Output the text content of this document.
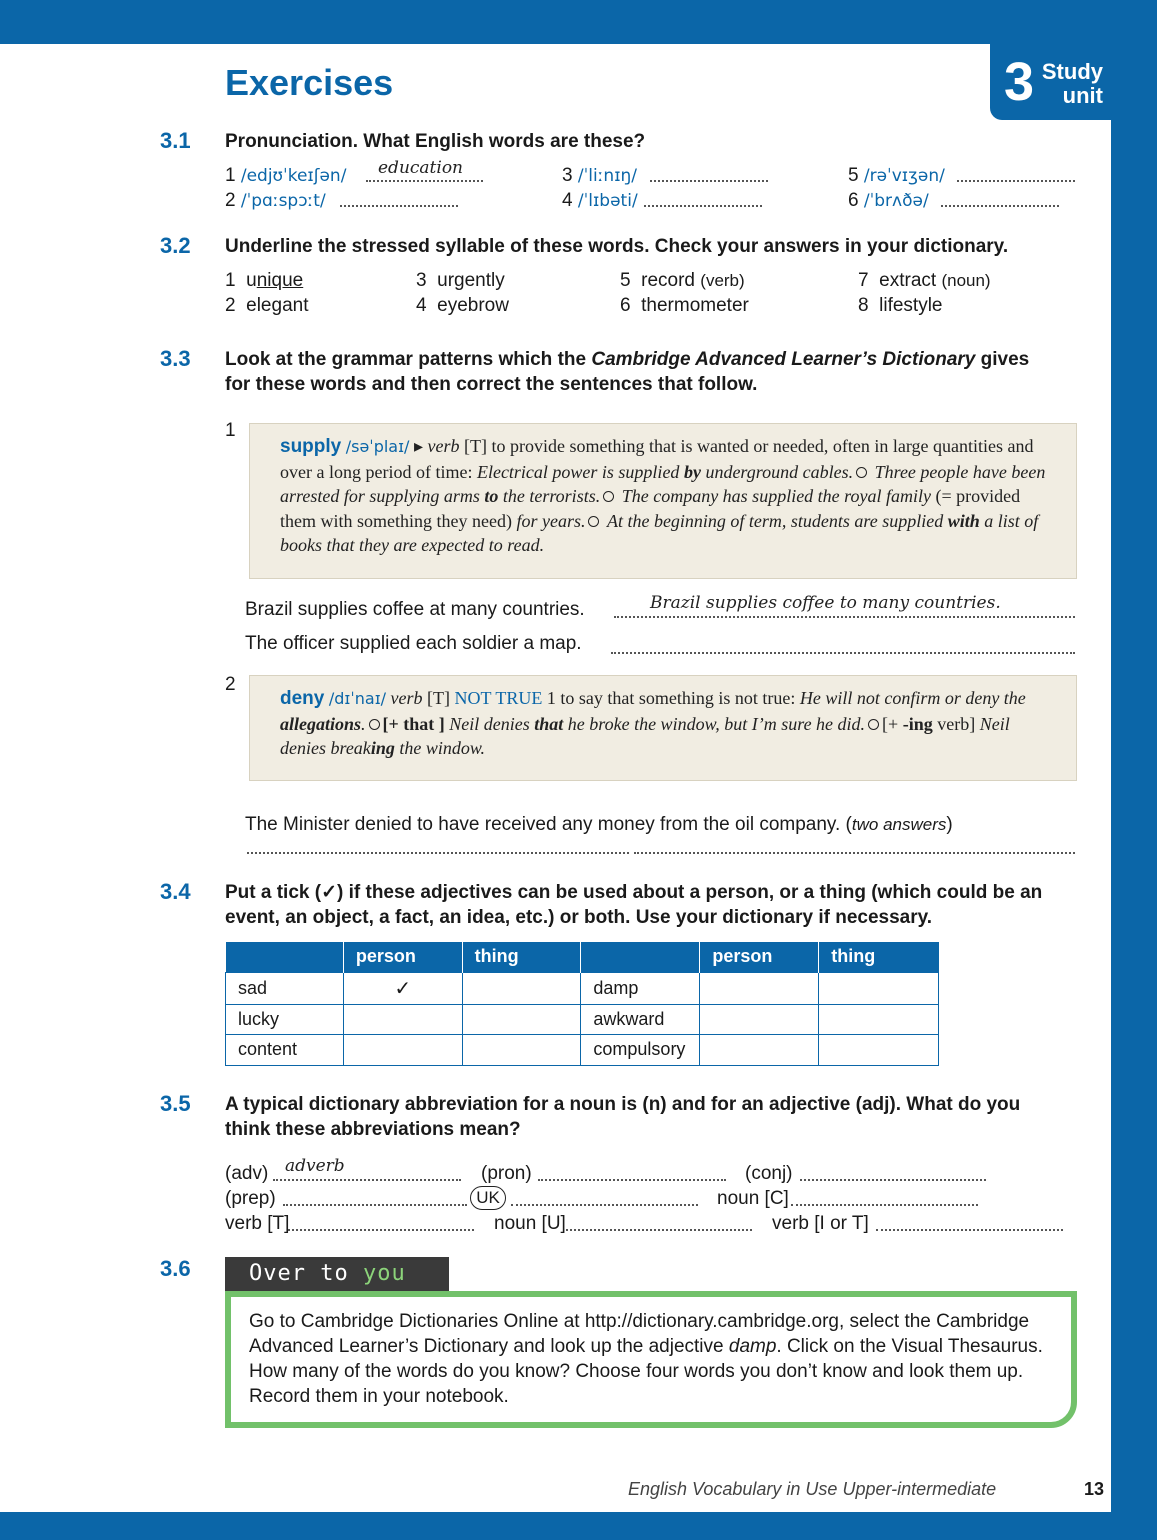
3 Study
unit
Exercises
3.1 Pronunciation. What English words are these?
1 /edjʊˈkeɪʃən/ education
2 /ˈpɑːspɔːt/
3 /ˈliːnɪŋ/
4 /ˈlɪbəti/
5 /rəˈvɪʒən/
6 /ˈbrʌðə/
3.2 Underline the stressed syllable of these words. Check your answers in your dictionary.
1 unique
2 elegant
3 urgently
4 eyebrow
5 record (verb)
6 thermometer
7 extract (noun)
8 lifestyle
3.3 Look at the grammar patterns which the Cambridge Advanced Learner’s Dictionary gives for these words and then correct the sentences that follow.
1
supply /səˈplaɪ/ ▸ verb [T] to provide something that is wanted or needed, often in large quantities and over a long period of time: Electrical power is supplied by underground cables. Three people have been arrested for supplying arms to the terrorists. The company has supplied the royal family (= provided them with something they need) for years. At the beginning of term, students are supplied with a list of books that they are expected to read.
Brazil supplies coffee at many countries.	Brazil supplies coffee to many countries.
The officer supplied each soldier a map.
2
deny /dɪˈnaɪ/ verb [T] NOT TRUE 1 to say that something is not true: He will not confirm or deny the allegations. [+ that ] Neil denies that he broke the window, but I’m sure he did. [+ -ing verb] Neil denies breaking the window.
The Minister denied to have received any money from the oil company. (two answers)
3.4 Put a tick (✓) if these adjectives can be used about a person, or a thing (which could be an event, an object, a fact, an idea, etc.) or both. Use your dictionary if necessary.
	person	thing		person	thing
sad	✓		damp		
lucky			awkward		
content			compulsory		
3.5 A typical dictionary abbreviation for a noun is (n) and for an adjective (adj). What do you think these abbreviations mean?
(adv) adverb	(pron)	(conj)
(prep)	UK	noun [C]
verb [T]	noun [U]	verb [I or T]
3.6	Over to you
Go to Cambridge Dictionaries Online at http://dictionary.cambridge.org, select the Cambridge Advanced Learner’s Dictionary and look up the adjective damp. Click on the Visual Thesaurus. How many of the words do you know? Choose four words you don’t know and look them up. Record them in your notebook.
English Vocabulary in Use Upper-intermediate	13
